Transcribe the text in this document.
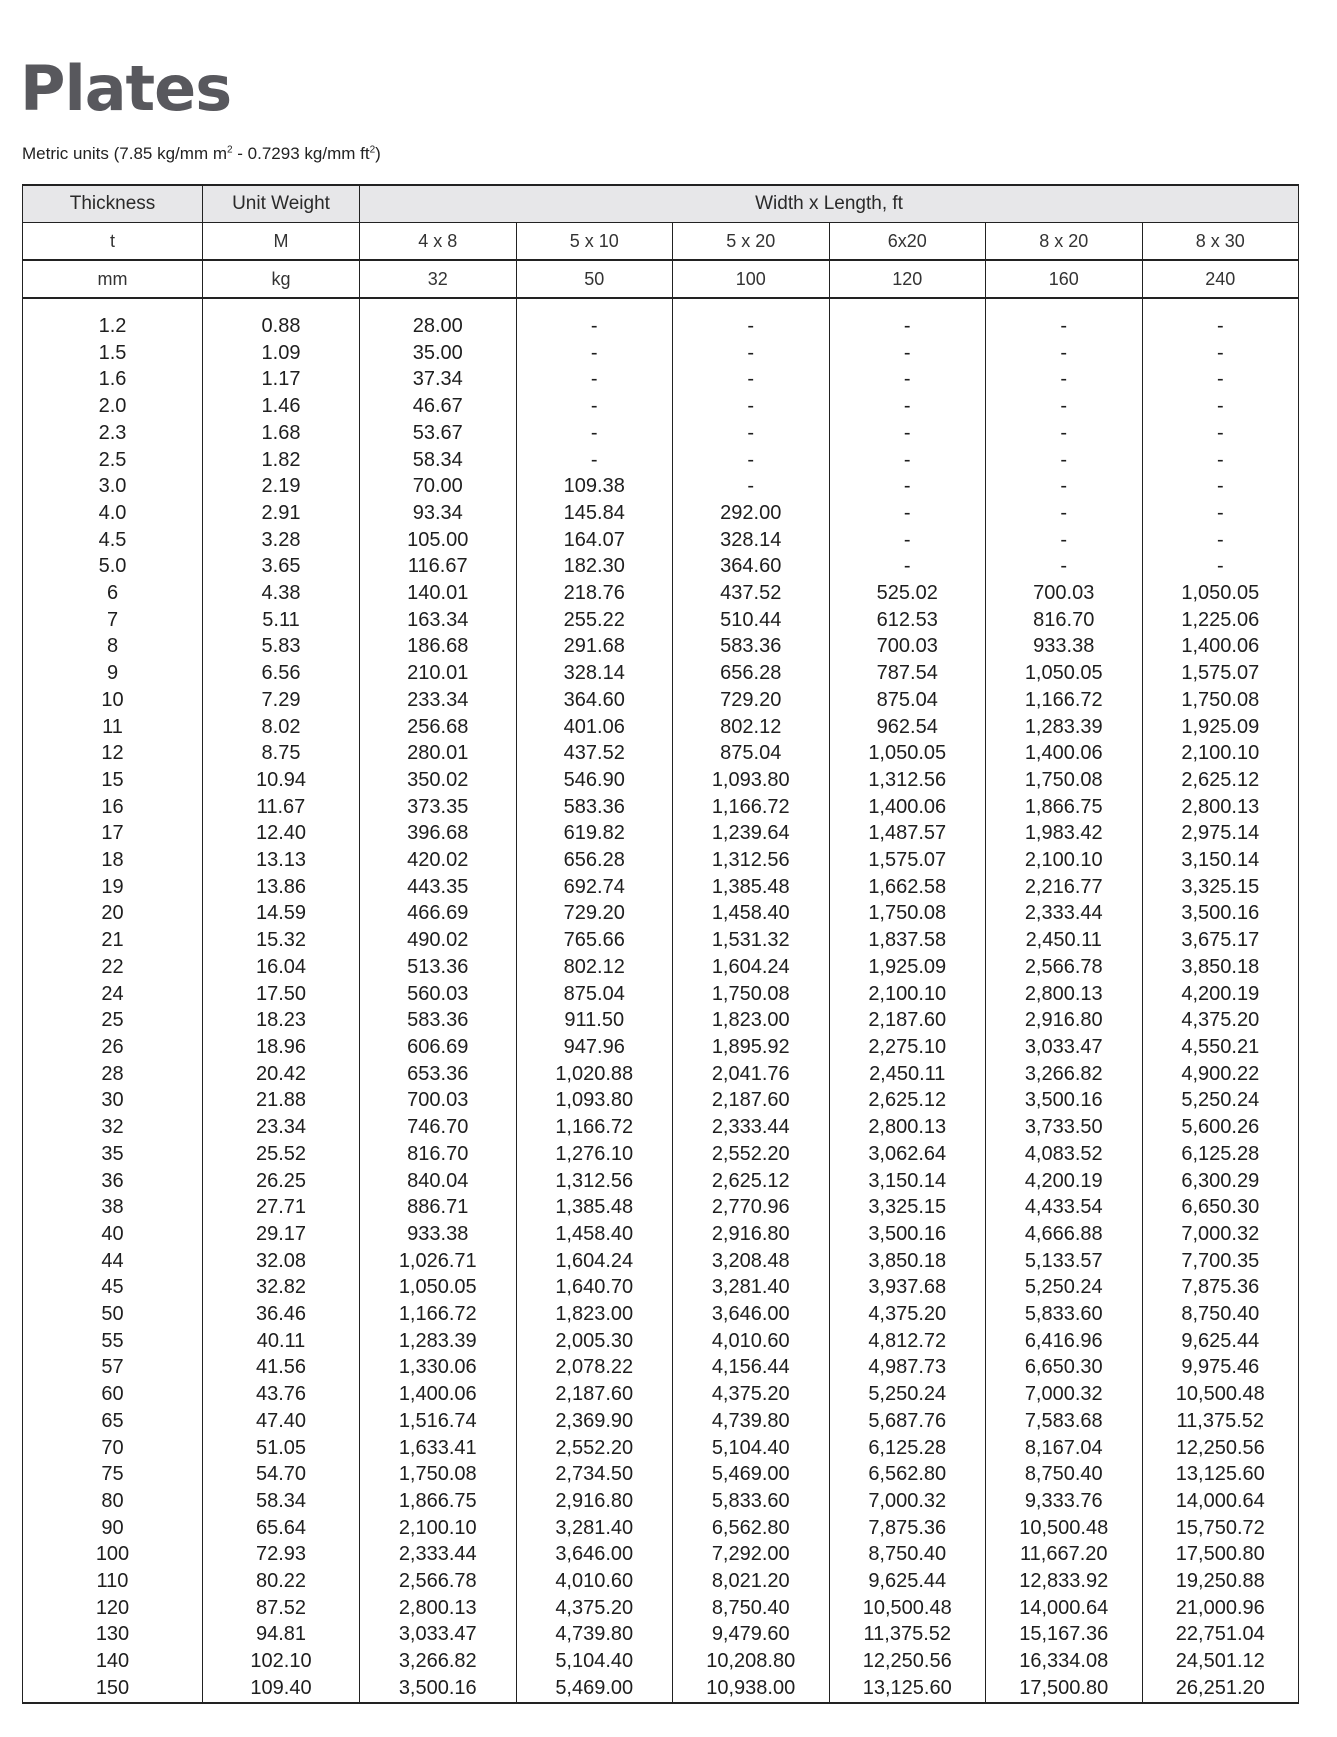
Plates
Metric units (7.85 kg/mm $m^2 - 0.7293$ kg/mm $ft^2$)
Thickness	Unit Weight	Width x Length, ft					
t	M	4 x 8	5 x 10	5 x 20	6x20	8 x 20	8 x 30
mm	kg	32	50	100	120	160	240

1.2	0.88	28.00	-	-	-	-	-
1.5	1.09	35.00	-	-	-	-	-
1.6	1.17	37.34	-	-	-	-	-
2.0	1.46	46.67	-	-	-	-	-
2.3	1.68	53.67	-	-	-	-	-
2.5	1.82	58.34	-	-	-	-	-
3.0	2.19	70.00	109.38	-	-	-	-
4.0	2.91	93.34	145.84	292.00	-	-	-
4.5	3.28	105.00	164.07	328.14	-	-	-
5.0	3.65	116.67	182.30	364.60	-	-	-
6	4.38	140.01	218.76	437.52	525.02	700.03	1,050.05
7	5.11	163.34	255.22	510.44	612.53	816.70	1,225.06
8	5.83	186.68	291.68	583.36	700.03	933.38	1,400.06
9	6.56	210.01	328.14	656.28	787.54	1,050.05	1,575.07
10	7.29	233.34	364.60	729.20	875.04	1,166.72	1,750.08
11	8.02	256.68	401.06	802.12	962.54	1,283.39	1,925.09
12	8.75	280.01	437.52	875.04	1,050.05	1,400.06	2,100.10
15	10.94	350.02	546.90	1,093.80	1,312.56	1,750.08	2,625.12
16	11.67	373.35	583.36	1,166.72	1,400.06	1,866.75	2,800.13
17	12.40	396.68	619.82	1,239.64	1,487.57	1,983.42	2,975.14
18	13.13	420.02	656.28	1,312.56	1,575.07	2,100.10	3,150.14
19	13.86	443.35	692.74	1,385.48	1,662.58	2,216.77	3,325.15
20	14.59	466.69	729.20	1,458.40	1,750.08	2,333.44	3,500.16
21	15.32	490.02	765.66	1,531.32	1,837.58	2,450.11	3,675.17
22	16.04	513.36	802.12	1,604.24	1,925.09	2,566.78	3,850.18
24	17.50	560.03	875.04	1,750.08	2,100.10	2,800.13	4,200.19
25	18.23	583.36	911.50	1,823.00	2,187.60	2,916.80	4,375.20
26	18.96	606.69	947.96	1,895.92	2,275.10	3,033.47	4,550.21
28	20.42	653.36	1,020.88	2,041.76	2,450.11	3,266.82	4,900.22
30	21.88	700.03	1,093.80	2,187.60	2,625.12	3,500.16	5,250.24
32	23.34	746.70	1,166.72	2,333.44	2,800.13	3,733.50	5,600.26
35	25.52	816.70	1,276.10	2,552.20	3,062.64	4,083.52	6,125.28
36	26.25	840.04	1,312.56	2,625.12	3,150.14	4,200.19	6,300.29
38	27.71	886.71	1,385.48	2,770.96	3,325.15	4,433.54	6,650.30
40	29.17	933.38	1,458.40	2,916.80	3,500.16	4,666.88	7,000.32
44	32.08	1,026.71	1,604.24	3,208.48	3,850.18	5,133.57	7,700.35
45	32.82	1,050.05	1,640.70	3,281.40	3,937.68	5,250.24	7,875.36
50	36.46	1,166.72	1,823.00	3,646.00	4,375.20	5,833.60	8,750.40
55	40.11	1,283.39	2,005.30	4,010.60	4,812.72	6,416.96	9,625.44
57	41.56	1,330.06	2,078.22	4,156.44	4,987.73	6,650.30	9,975.46
60	43.76	1,400.06	2,187.60	4,375.20	5,250.24	7,000.32	10,500.48
65	47.40	1,516.74	2,369.90	4,739.80	5,687.76	7,583.68	11,375.52
70	51.05	1,633.41	2,552.20	5,104.40	6,125.28	8,167.04	12,250.56
75	54.70	1,750.08	2,734.50	5,469.00	6,562.80	8,750.40	13,125.60
80	58.34	1,866.75	2,916.80	5,833.60	7,000.32	9,333.76	14,000.64
90	65.64	2,100.10	3,281.40	6,562.80	7,875.36	10,500.48	15,750.72
100	72.93	2,333.44	3,646.00	7,292.00	8,750.40	11,667.20	17,500.80
110	80.22	2,566.78	4,010.60	8,021.20	9,625.44	12,833.92	19,250.88
120	87.52	2,800.13	4,375.20	8,750.40	10,500.48	14,000.64	21,000.96
130	94.81	3,033.47	4,739.80	9,479.60	11,375.52	15,167.36	22,751.04
140	102.10	3,266.82	5,104.40	10,208.80	12,250.56	16,334.08	24,501.12
150	109.40	3,500.16	5,469.00	10,938.00	13,125.60	17,500.80	26,251.20
